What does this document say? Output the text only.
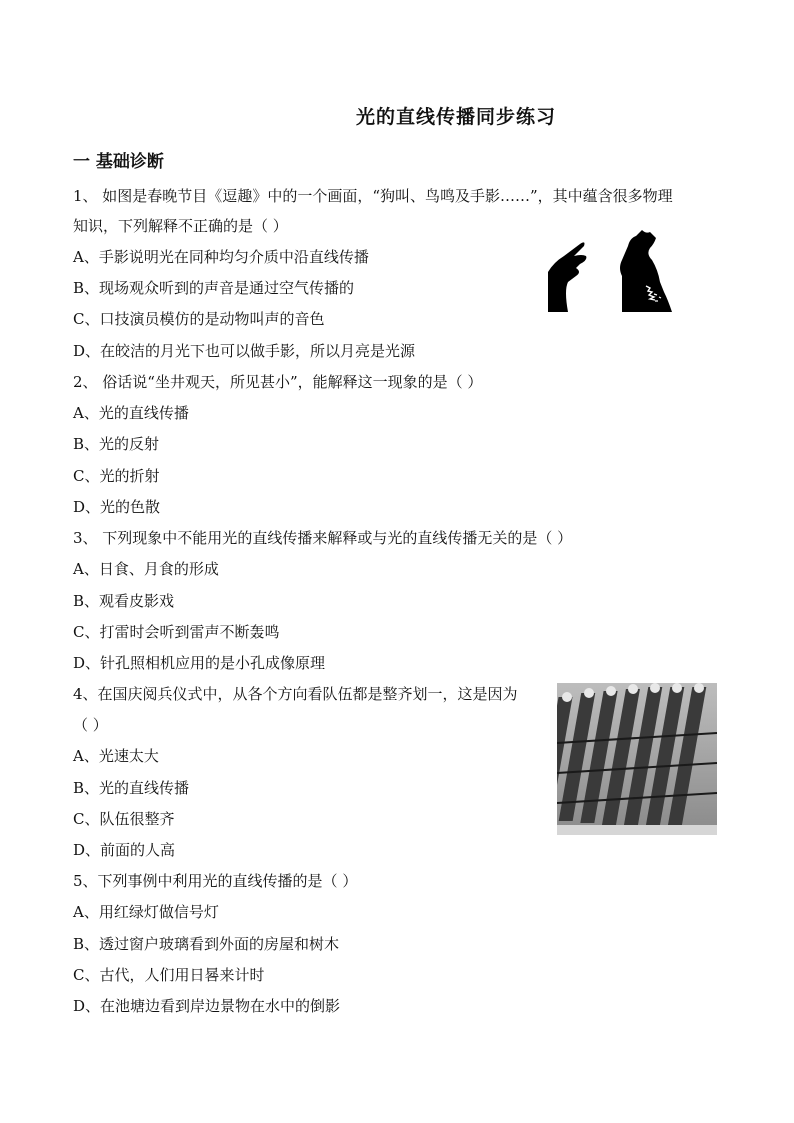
光的直线传播同步练习
一 基础诊断
1、 如图是春晚节目《逗趣》中的一个画面，“狗叫、鸟鸣及手影……”，其中蕴含很多物理
知识，下列解释不正确的是（ ）
A、手影说明光在同种均匀介质中沿直线传播
B、现场观众听到的声音是通过空气传播的
C、口技演员模仿的是动物叫声的音色
D、在皎洁的月光下也可以做手影，所以月亮是光源
2、 俗话说“坐井观天，所见甚小”，能解释这一现象的是（ ）
A、光的直线传播
B、光的反射
C、光的折射
D、光的色散
3、 下列现象中不能用光的直线传播来解释或与光的直线传播无关的是（ ）
A、日食、月食的形成
B、观看皮影戏
C、打雷时会听到雷声不断轰鸣
D、针孔照相机应用的是小孔成像原理
4、在国庆阅兵仪式中，从各个方向看队伍都是整齐划一，这是因为
（ ）
A、光速太大
B、光的直线传播
C、队伍很整齐
D、前面的人高
5、下列事例中利用光的直线传播的是（ ）
A、用红绿灯做信号灯
B、透过窗户玻璃看到外面的房屋和树木
C、古代，人们用日晷来计时
D、在池塘边看到岸边景物在水中的倒影
